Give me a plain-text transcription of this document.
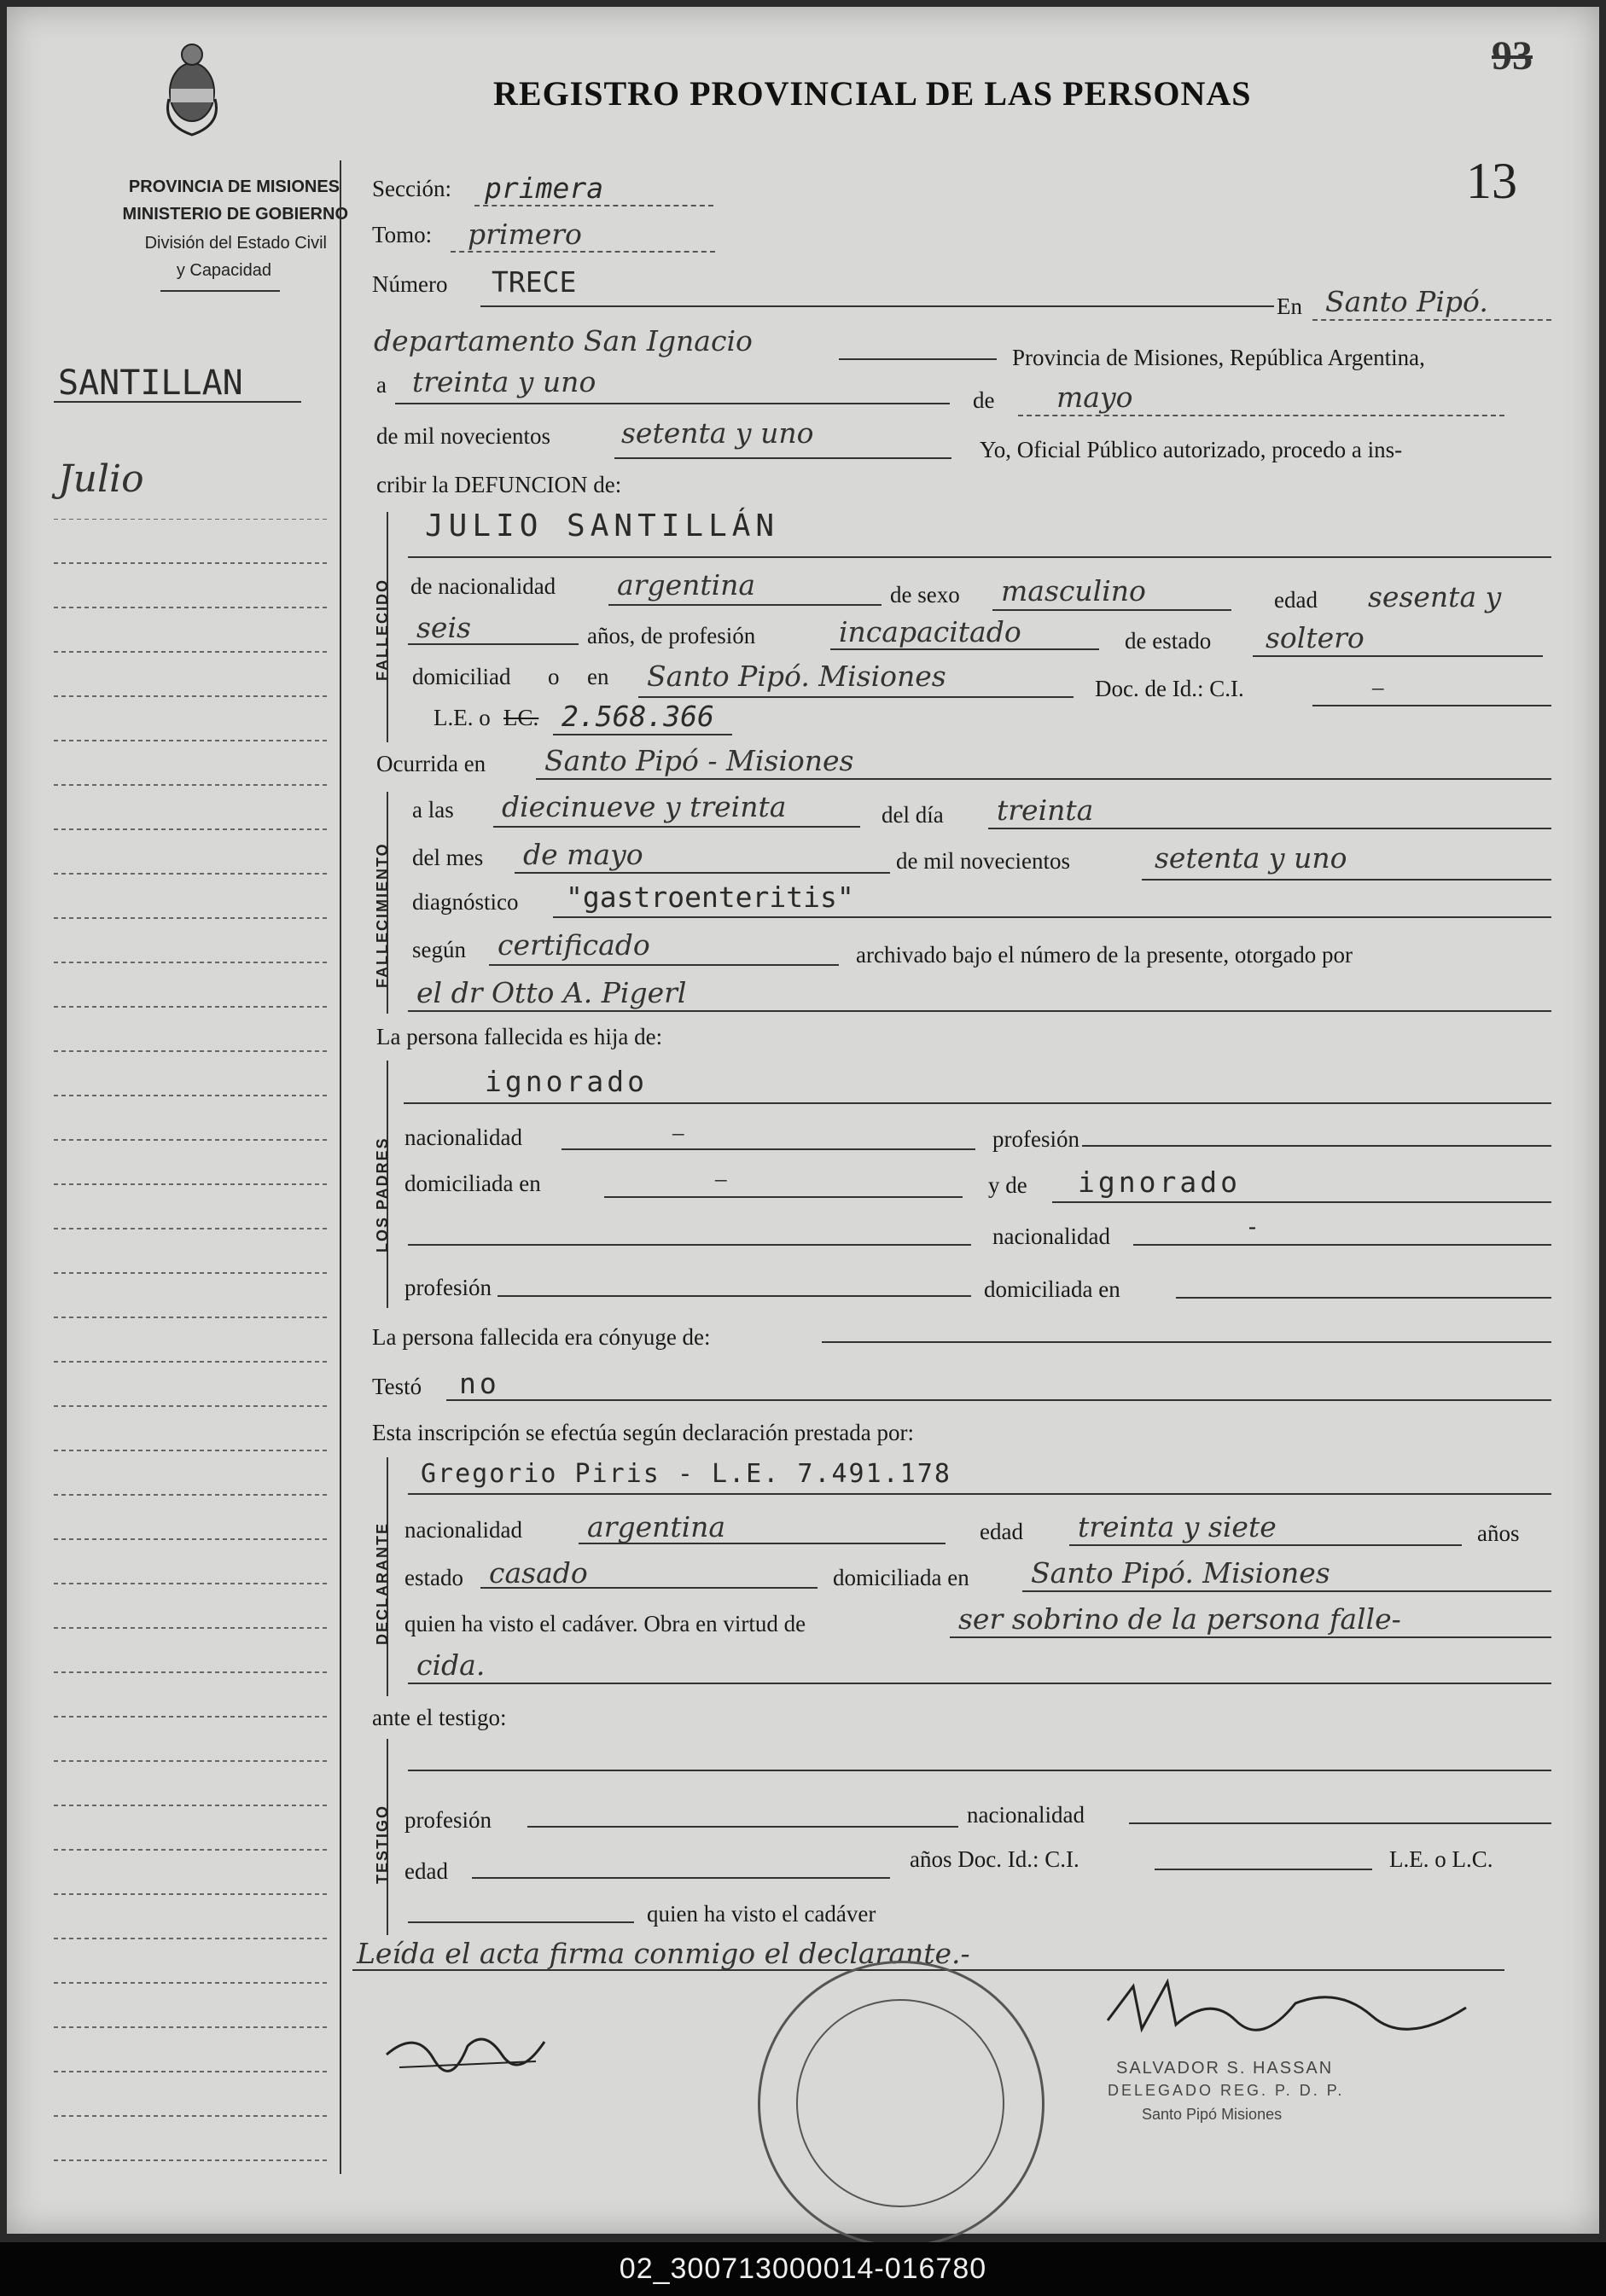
PROVINCIA DE MISIONES
MINISTERIO DE GOBIERNO
División del Estado Civil
y Capacidad
REGISTRO PROVINCIAL DE LAS PERSONAS
93
13
SANTILLAN
Julio
Sección: primera
Tomo: primero
Número TRECE
En Santo Pipó.
departamento San Ignacio	Provincia de Misiones, República Argentina,
a treinta y uno
de mayo
de mil novecientos	setenta y uno	Yo, Oficial Público autorizado, procedo a ins-
cribir la DEFUNCION de:
FALLECIDO
JULIO SANTILLÁN
de nacionalidad argentina	de sexo masculino	edad sesenta y
seis	años, de profesión	incapacitado	de estado soltero
domiciliad o en Santo Pipó. Misiones	Doc. de Id.: C.I.	–
L.E. o LC. 2.568.366
Ocurrida en Santo Pipó - Misiones
FALLECIMIENTO
a las diecinueve y treinta	del día treinta
del mes de mayo	de mil novecientos	setenta y uno
diagnóstico "gastroenteritis"
según certificado	archivado bajo el número de la presente, otorgado por
el dr Otto A. Pigerl
La persona fallecida es hija de:
LOS PADRES
ignorado
nacionalidad	–	profesión
domiciliada en	–	y de ignorado
nacionalidad	-
profesión	domiciliada en
La persona fallecida era cónyuge de:
Testó no
Esta inscripción se efectúa según declaración prestada por:
DECLARANTE
Gregorio Piris - L.E. 7.491.178
nacionalidad argentina	edad treinta y siete	años
estado casado	domiciliada en Santo Pipó. Misiones
quien ha visto el cadáver. Obra en virtud de	ser sobrino de la persona falle-
cida.
ante el testigo:
TESTIGO profesión	nacionalidad
edad	años Doc. Id.: C.I.	L.E. o L.C.
quien ha visto el cadáver
Leída el acta firma conmigo el declarante.-
SALVADOR S. HASSAN
DELEGADO REG. P. D. P.
Santo Pipó Misiones
02_300713000014-016780
